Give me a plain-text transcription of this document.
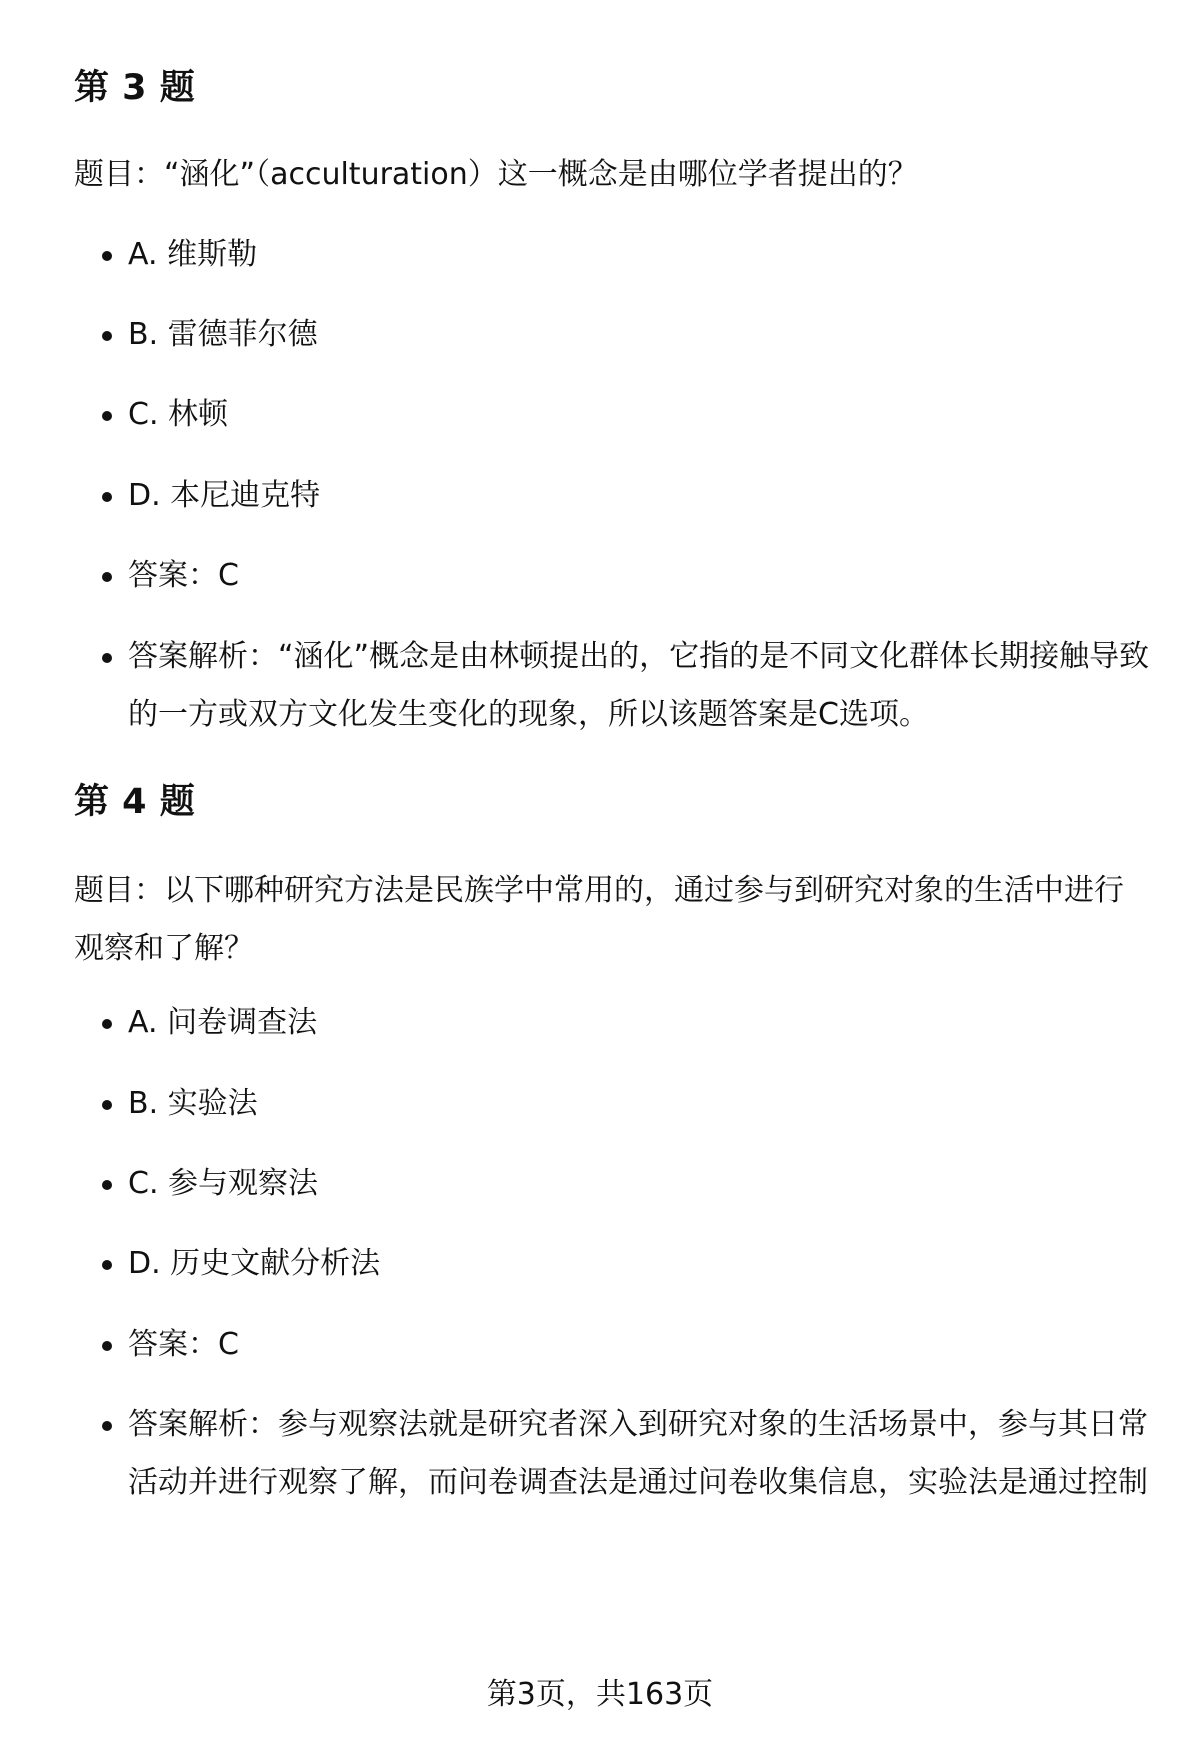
第 3 题

题目：“涵化”（acculturation）这一概念是由哪位学者提出的？

A. 维斯勒
B. 雷德菲尔德
C. 林顿
D. 本尼迪克特
答案：C
答案解析：“涵化”概念是由林顿提出的，它指的是不同文化群体长期接触导致的一方或双方文化发生变化的现象，所以该题答案是C选项。
第 4 题

题目：以下哪种研究方法是民族学中常用的，通过参与到研究对象的生活中进行观察和了解？

A. 问卷调查法
B. 实验法
C. 参与观察法
D. 历史文献分析法
答案：C
答案解析：参与观察法就是研究者深入到研究对象的生活场景中，参与其日常活动并进行观察了解，而问卷调查法是通过问卷收集信息，实验法是通过控制
第3页，共163页
